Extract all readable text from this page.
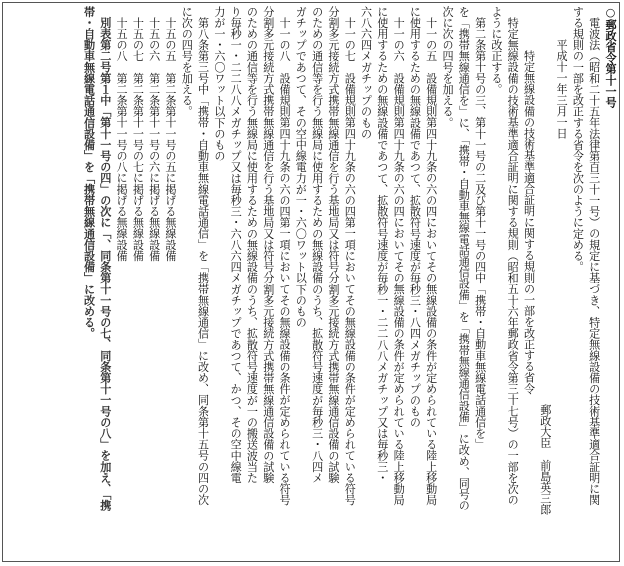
○郵政省令第十一号
電波法（昭和二十五年法律第百三十一号）の規定に基づき、特定無線設備の技術基準適合証明に関
する規則の一部を改正する省令を次のように定める。
平成十一年三月一日
郵政大臣　前島英三郎
特定無線設備の技術基準適合証明に関する規則の一部を改正する省令
特定無線設備の技術基準適合証明に関する規則（昭和五十六年郵政省令第三十七号）の一部を次の
ように改正する。
第二条第十号の三、第十一号の二及び第十一号の四中「携帯・自動車無線電話通信を」
を「携帯無線通信を」に、「携帯・自動車無線電話通信設備」を「携帯無線通信設備」に改め、同号の
次に次の四号を加える。
十一の五　設備規則第四十九条の六の四においてその無線設備の条件が定められている陸上移動局
に使用するための無線設備であつて、拡散符号速度が毎秒三・八四メガチップのもの
十一の六　設備規則第四十九条の六の四においてその無線設備の条件が定められている陸上移動局
に使用するための無線設備であつて、拡散符号速度が毎秒一・二二八八メガチップ又は毎秒三・
六八六四メガチップのもの
十一の七　設備規則第四十九条の六の四第一項においてその無線設備の条件が定められている符号
分割多元接続方式携帯無線通信を行う基地局又は符号分割多元接続方式携帯無線通信設備の試験
のための通信等を行う無線局に使用するための無線設備のうち、拡散符号速度が毎秒三・八四メ
ガチップであつて、その空中線電力が一・六〇ワット以下のもの
十一の八　設備規則第四十九条の六の四第一項においてその無線設備の条件が定められている符号
分割多元接続方式携帯無線通信を行う基地局又は符号分割多元接続方式携帯無線通信設備の試験
のための通信等を行う無線局に使用するための無線設備のうち、拡散符号速度が一の搬送波当た
り毎秒一・二二八八メガチップ又は毎秒三・六八六四メガチップであつて、かつ、その空中線電
力が一・六〇ワット以下のもの
第八条第三号中「携帯・自動車無線電話通信」を「携帯無線通信」に改め、同条第十五号の四の次
に次の四号を加える。
十五の五　第二条第十一号の五に掲げる無線設備
十五の六　第二条第十一号の六に掲げる無線設備
十五の七　第二条第十一号の七に掲げる無線設備
十五の八　第二条第十一号の八に掲げる無線設備
別表第二号第１中「第十一号の四」の次に「、同条第十一号の七、同条第十一号の八」を加え、「携
帯・自動車無線電話通信設備」を「携帯無線通信設備」に改める。
